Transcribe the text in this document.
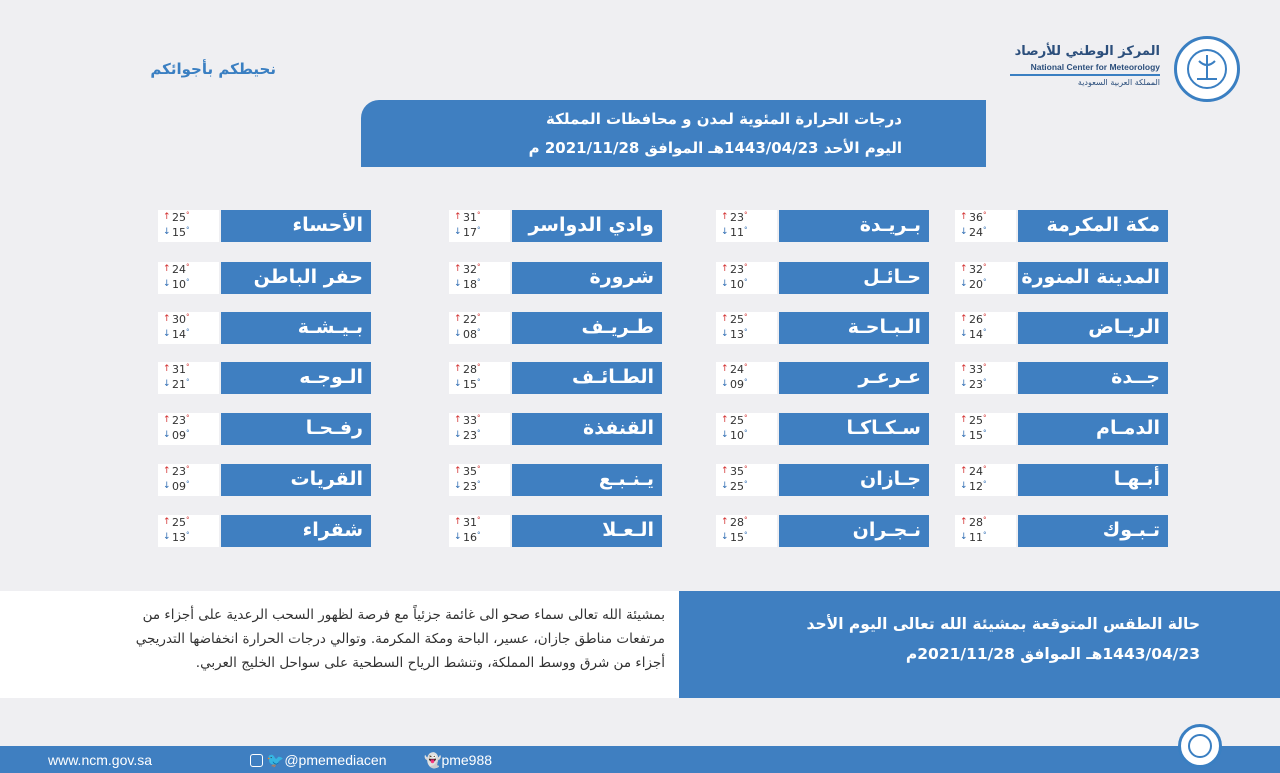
نحيطكم بأجوائكم
المركز الوطني للأرصاد
National Center for Meteorology
المملكة العربية السعودية
درجات الحرارة المئوية لمدن و محافظات المملكة
اليوم الأحد 1443/04/23هـ الموافق 2021/11/28 م
مكة المكرمة
↑ 36°
↓ 24°
المدينة المنورة
↑ 32°
↓ 20°
الريـاض
↑ 26°
↓ 14°
جــدة
↑ 33°
↓ 23°
الدمـام
↑ 25°
↓ 15°
أبـهـا
↑ 24°
↓ 12°
تـبـوك
↑ 28°
↓ 11°
بـريـدة
↑ 23°
↓ 11°
حـائـل
↑ 23°
↓ 10°
الـبـاحـة
↑ 25°
↓ 13°
عـرعـر
↑ 24°
↓ 09°
سـكـاكـا
↑ 25°
↓ 10°
جـازان
↑ 35°
↓ 25°
نـجـران
↑ 28°
↓ 15°
وادي الدواسر
↑ 31°
↓ 17°
شرورة
↑ 32°
↓ 18°
طـريـف
↑ 22°
↓ 08°
الطـائـف
↑ 28°
↓ 15°
القنفذة
↑ 33°
↓ 23°
يـنـبـع
↑ 35°
↓ 23°
الـعـلا
↑ 31°
↓ 16°
الأحساء
↑ 25°
↓ 15°
حفر الباطن
↑ 24°
↓ 10°
بـيـشـة
↑ 30°
↓ 14°
الـوجـه
↑ 31°
↓ 21°
رفـحـا
↑ 23°
↓ 09°
القريات
↑ 23°
↓ 09°
شقراء
↑ 25°
↓ 13°
بمشيئة الله تعالى سماء صحو الى غائمة جزئياً مع فرصة لظهور السحب الرعدية على أجزاء من
مرتفعات مناطق جازان، عسير، الباحة ومكة المكرمة. وتوالي درجات الحرارة انخفاضها التدريجي
أجزاء من شرق ووسط المملكة، وتنشط الرياح السطحية على سواحل الخليج العربي.
حالة الطقس المتوقعة بمشيئة الله تعالى اليوم الأحد
1443/04/23هـ الموافق 2021/11/28م
www.ncm.gov.sa	🐦@pmemediacen	👻pme988
